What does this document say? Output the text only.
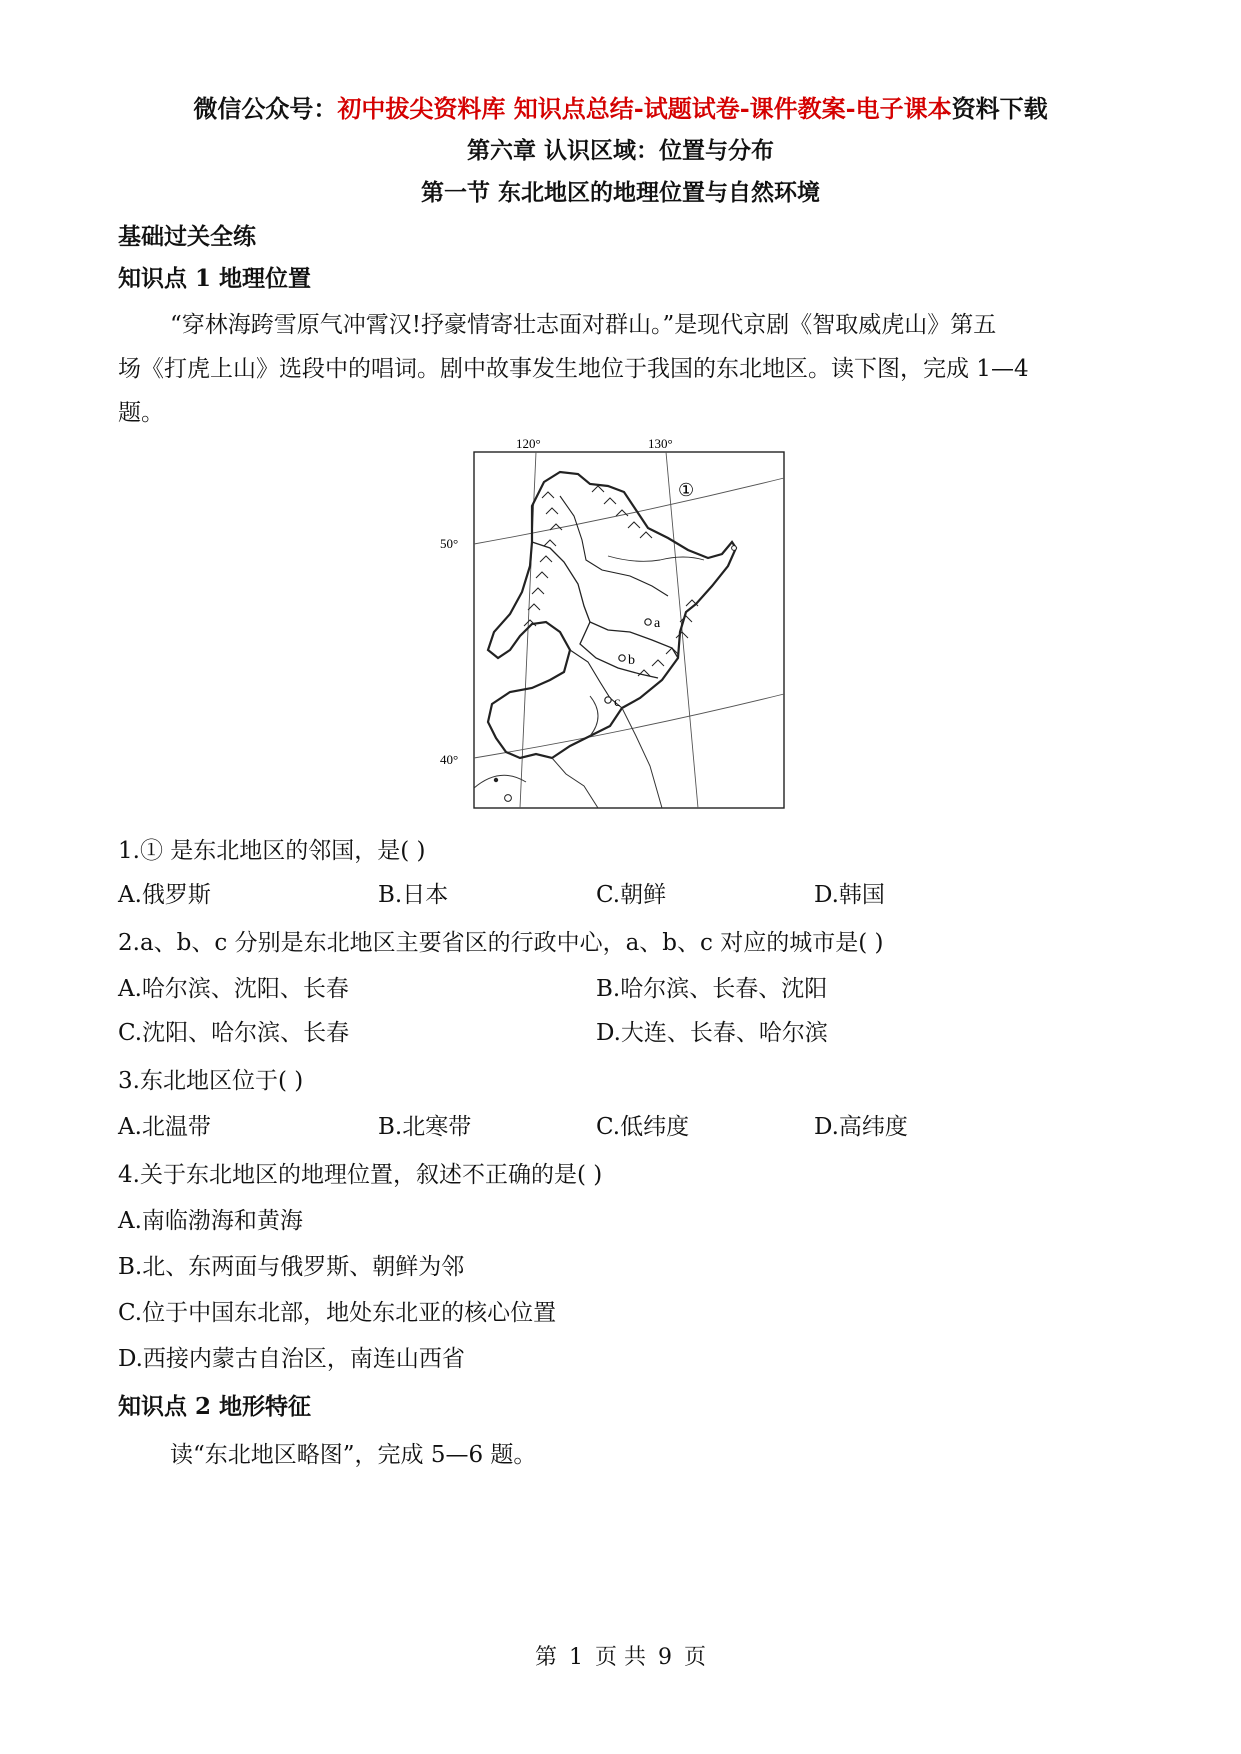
微信公众号：初中拔尖资料库 知识点总结-试题试卷-课件教案-电子课本资料下载
第六章 认识区域：位置与分布
第一节 东北地区的地理位置与自然环境
基础过关全练
知识点 1 地理位置
“穿林海跨雪原气冲霄汉!抒豪情寄壮志面对群山。”是现代京剧《智取威虎山》第五
场《打虎上山》选段中的唱词。剧中故事发生地位于我国的东北地区。读下图，完成 1—4
题。
120°	130°
50°
40°
①
a
b
c
1.① 是东北地区的邻国，是( )
A.俄罗斯	B.日本	C.朝鲜	D.韩国
2.a、b、c 分别是东北地区主要省区的行政中心，a、b、c 对应的城市是( )
A.哈尔滨、沈阳、长春	B.哈尔滨、长春、沈阳
C.沈阳、哈尔滨、长春	D.大连、长春、哈尔滨
3.东北地区位于( )
A.北温带	B.北寒带	C.低纬度	D.高纬度
4.关于东北地区的地理位置，叙述不正确的是( )
A.南临渤海和黄海
B.北、东两面与俄罗斯、朝鲜为邻
C.位于中国东北部，地处东北亚的核心位置
D.西接内蒙古自治区，南连山西省
知识点 2 地形特征
读“东北地区略图”，完成 5—6 题。
第 1 页 共 9 页
